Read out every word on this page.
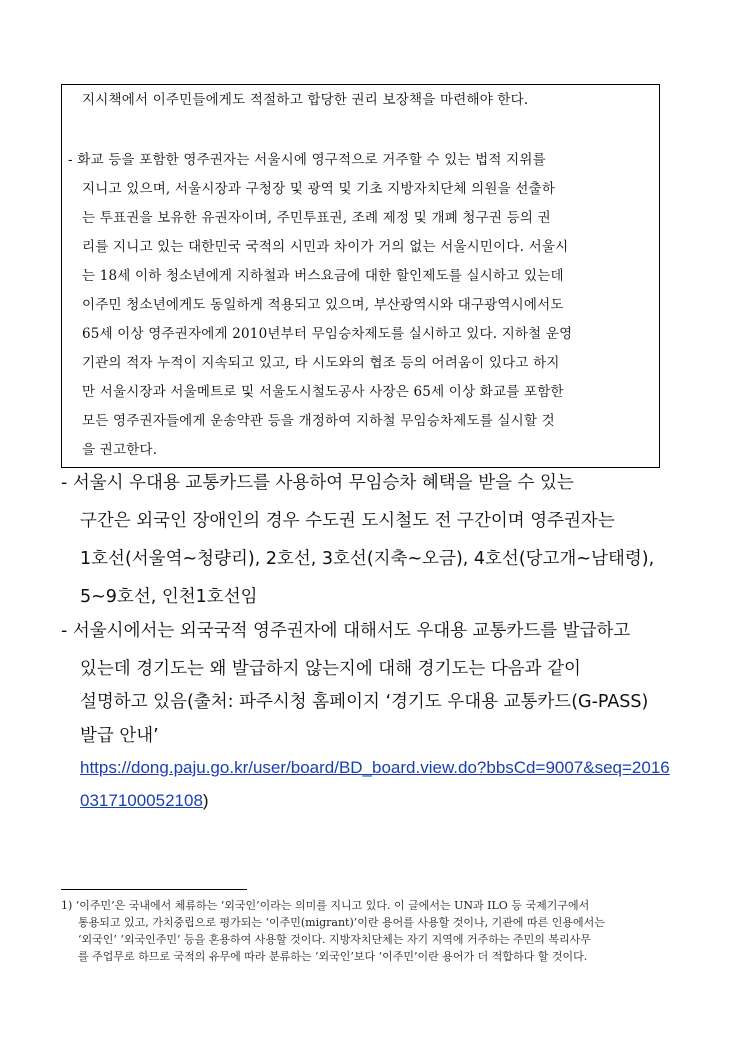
지시책에서 이주민들에게도 적절하고 합당한 권리 보장책을 마련해야 한다.
- 화교 등을 포함한 영주권자는 서울시에 영구적으로 거주할 수 있는 법적 지위를
지니고 있으며, 서울시장과 구청장 및 광역 및 기초 지방자치단체 의원을 선출하
는 투표권을 보유한 유권자이며, 주민투표권, 조례 제정 및 개폐 청구권 등의 권
리를 지니고 있는 대한민국 국적의 시민과 차이가 거의 없는 서울시민이다. 서울시
는 18세 이하 청소년에게 지하철과 버스요금에 대한 할인제도를 실시하고 있는데
이주민 청소년에게도 동일하게 적용되고 있으며, 부산광역시와 대구광역시에서도
65세 이상 영주권자에게 2010년부터 무임승차제도를 실시하고 있다. 지하철 운영
기관의 적자 누적이 지속되고 있고, 타 시도와의 협조 등의 어려움이 있다고 하지
만 서울시장과 서울메트로 및 서울도시철도공사 사장은 65세 이상 화교를 포함한
모든 영주권자들에게 운송약관 등을 개정하여 지하철 무임승차제도를 실시할 것
을 권고한다.
- 서울시 우대용 교통카드를 사용하여 무임승차 혜택을 받을 수 있는
구간은 외국인 장애인의 경우 수도권 도시철도 전 구간이며 영주권자는
1호선(서울역~청량리), 2호선, 3호선(지축~오금), 4호선(당고개~남태령),
5~9호선, 인천1호선임
- 서울시에서는 외국국적 영주권자에 대해서도 우대용 교통카드를 발급하고
있는데 경기도는 왜 발급하지 않는지에 대해 경기도는 다음과 같이
설명하고 있음(출처: 파주시청 홈페이지 ‘경기도 우대용 교통카드(G-PASS)
발급 안내’
https://dong.paju.go.kr/user/board/BD_board.view.do?bbsCd=9007&seq=2016
0317100052108)
1) ‘이주민’은 국내에서 체류하는 ‘외국인’이라는 의미를 지니고 있다. 이 글에서는 UN과 ILO 등 국제기구에서
통용되고 있고, 가치중립으로 평가되는 ‘이주민(migrant)’이란 용어를 사용할 것이나, 기관에 따른 인용에서는
‘외국인’ ‘외국인주민’ 등을 혼용하여 사용할 것이다. 지방자치단체는 자기 지역에 거주하는 주민의 복리사무
를 주업무로 하므로 국적의 유무에 따라 분류하는 ‘외국인’보다 ‘이주민’이란 용어가 더 적합하다 할 것이다.
